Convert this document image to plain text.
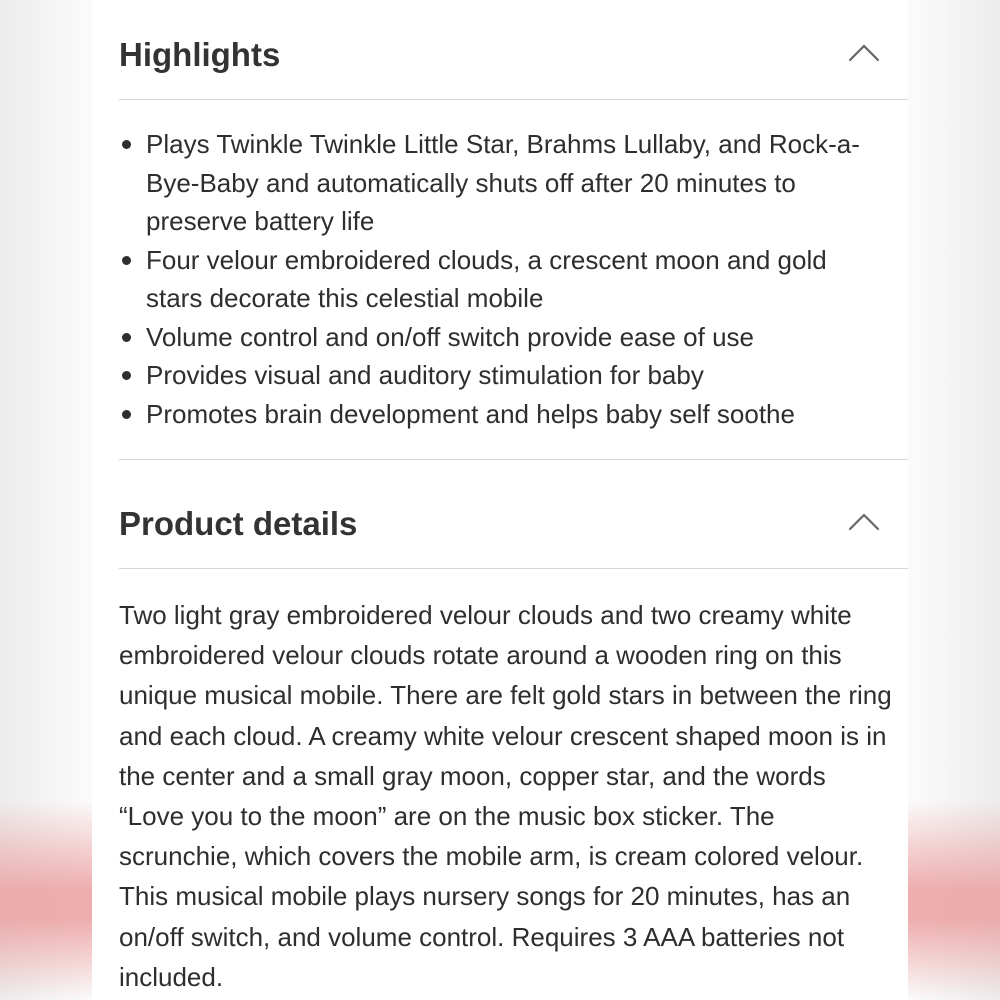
Highlights
Plays Twinkle Twinkle Little Star, Brahms Lullaby, and Rock-a-Bye-Baby and automatically shuts off after 20 minutes to preserve battery life
Four velour embroidered clouds, a crescent moon and gold stars decorate this celestial mobile
Volume control and on/off switch provide ease of use
Provides visual and auditory stimulation for baby
Promotes brain development and helps baby self soothe
Product details

Two light gray embroidered velour clouds and two creamy white embroidered velour clouds rotate around a wooden ring on this unique musical mobile. There are felt gold stars in between the ring and each cloud. A creamy white velour crescent shaped moon is in the center and a small gray moon, copper star, and the words “Love you to the moon” are on the music box sticker. The scrunchie, which covers the mobile arm, is cream colored velour. This musical mobile plays nursery songs for 20 minutes, has an on/off switch, and volume control. Requires 3 AAA batteries not included.
